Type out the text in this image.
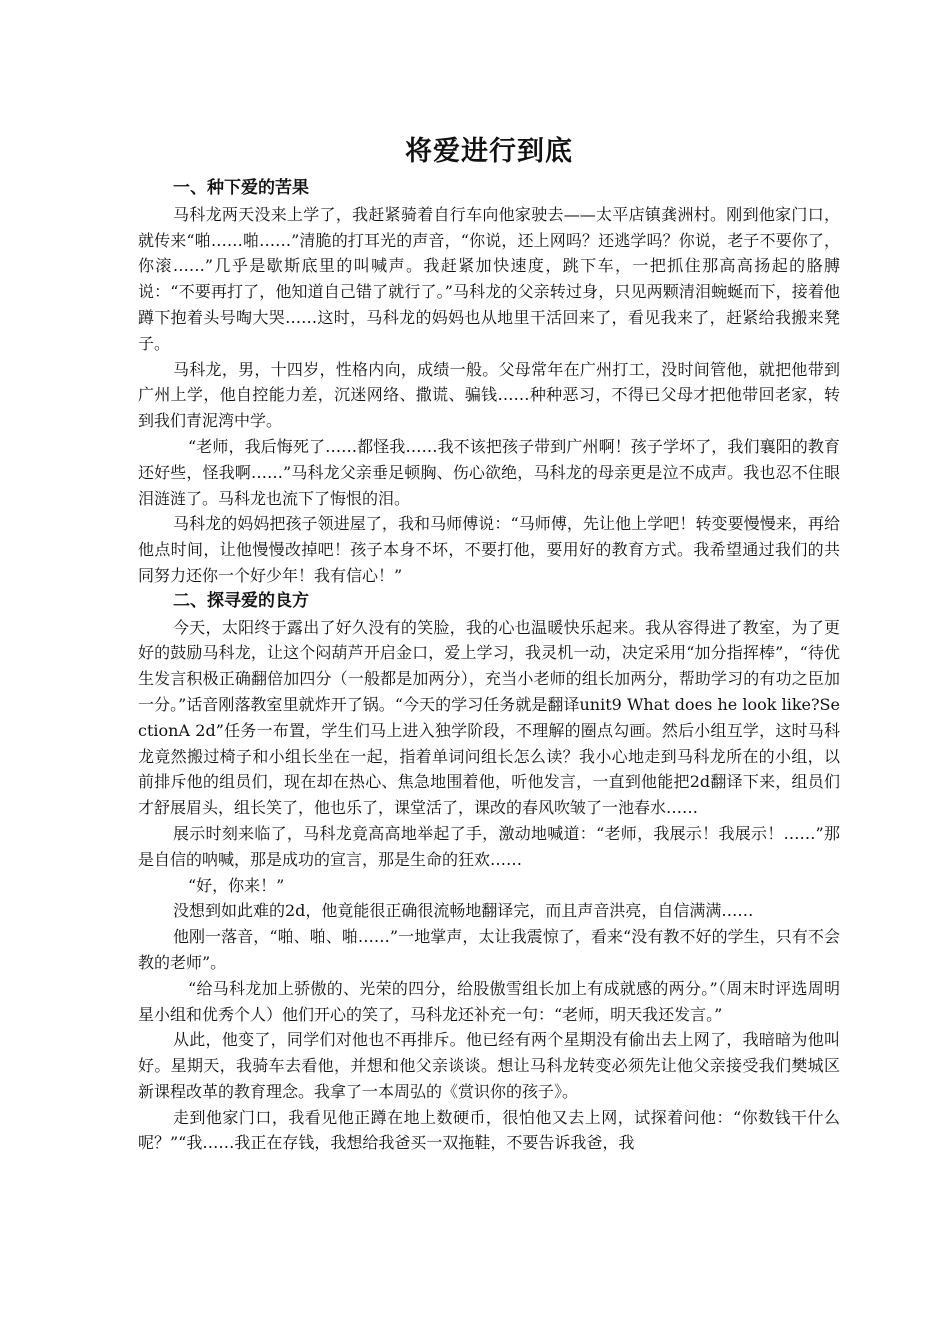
将爱进行到底

一、种下爱的苦果

马科龙两天没来上学了，我赶紧骑着自行车向他家驶去——太平店镇龚洲村。刚到他家门口，就传来“啪……啪……”清脆的打耳光的声音，“你说，还上网吗？还逃学吗？你说，老子不要你了，你滚……”几乎是歇斯底里的叫喊声。我赶紧加快速度，跳下车，一把抓住那高高扬起的胳膊说：“不要再打了，他知道自己错了就行了。”马科龙的父亲转过身，只见两颗清泪蜿蜒而下，接着他蹲下抱着头号啕大哭……这时，马科龙的妈妈也从地里干活回来了，看见我来了，赶紧给我搬来凳子。

马科龙，男，十四岁，性格内向，成绩一般。父母常年在广州打工，没时间管他，就把他带到广州上学，他自控能力差，沉迷网络、撒谎、骗钱……种种恶习，不得已父母才把他带回老家，转到我们青泥湾中学。

“老师，我后悔死了……都怪我……我不该把孩子带到广州啊！孩子学坏了，我们襄阳的教育还好些，怪我啊……”马科龙父亲垂足顿胸、伤心欲绝，马科龙的母亲更是泣不成声。我也忍不住眼泪涟涟了。马科龙也流下了悔恨的泪。

马科龙的妈妈把孩子领进屋了，我和马师傅说：“马师傅，先让他上学吧！转变要慢慢来，再给他点时间，让他慢慢改掉吧！孩子本身不坏，不要打他，要用好的教育方式。我希望通过我们的共同努力还你一个好少年！我有信心！”

二、探寻爱的良方

今天，太阳终于露出了好久没有的笑脸，我的心也温暖快乐起来。我从容得进了教室，为了更好的鼓励马科龙，让这个闷葫芦开启金口，爱上学习，我灵机一动，决定采用“加分指挥棒”，“待优生发言积极正确翻倍加四分（一般都是加两分），充当小老师的组长加两分，帮助学习的有功之臣加一分。”话音刚落教室里就炸开了锅。“今天的学习任务就是翻译unit9 What does he look like?SectionA 2d”任务一布置，学生们马上进入独学阶段，不理解的圈点勾画。然后小组互学，这时马科龙竟然搬过椅子和小组长坐在一起，指着单词问组长怎么读？我小心地走到马科龙所在的小组，以前排斥他的组员们，现在却在热心、焦急地围着他，听他发言，一直到他能把2d翻译下来，组员们才舒展眉头，组长笑了，他也乐了，课堂活了，课改的春风吹皱了一池春水……

展示时刻来临了，马科龙竟高高地举起了手，激动地喊道：“老师，我展示！我展示！……”那是自信的呐喊，那是成功的宣言，那是生命的狂欢……

“好，你来！”

没想到如此难的2d，他竟能很正确很流畅地翻译完，而且声音洪亮，自信满满……

他刚一落音，“啪、啪、啪……”一地掌声，太让我震惊了，看来“没有教不好的学生，只有不会教的老师”。

“给马科龙加上骄傲的、光荣的四分，给股傲雪组长加上有成就感的两分。”（周末时评选周明星小组和优秀个人）他们开心的笑了，马科龙还补充一句：“老师，明天我还发言。”

从此，他变了，同学们对他也不再排斥。他已经有两个星期没有偷出去上网了，我暗暗为他叫好。星期天，我骑车去看他，并想和他父亲谈谈。想让马科龙转变必须先让他父亲接受我们樊城区新课程改革的教育理念。我拿了一本周弘的《赏识你的孩子》。

走到他家门口，我看见他正蹲在地上数硬币，很怕他又去上网，试探着问他：“你数钱干什么呢？”“我……我正在存钱，我想给我爸买一双拖鞋，不要告诉我爸，我
